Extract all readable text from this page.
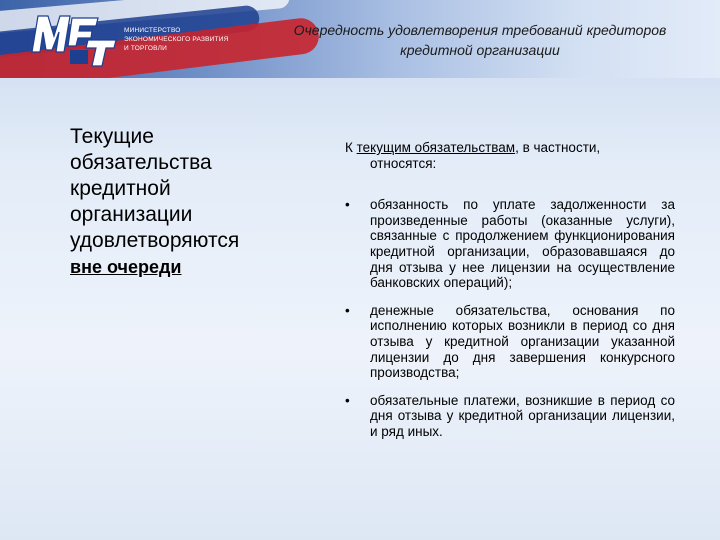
МИНИСТЕРСТВО
ЭКОНОМИЧЕСКОГО РАЗВИТИЯ
И ТОРГОВЛИ
Очередность удовлетворения требований кредиторов
кредитной организации
Текущие
обязательства
кредитной
организации
удовлетворяются
вне очереди
К текущим обязательствам, в частности,
относятся:
• обязанность по уплате задолженности за произведенные работы (оказанные услуги), связанные с продолжением функционирования кредитной организации, образовавшаяся до дня отзыва у нее лицензии на осуществление банковских операций);
• денежные обязательства, основания по исполнению которых возникли в период со дня отзыва у кредитной организации указанной лицензии до дня завершения конкурсного производства;
• обязательные платежи, возникшие в период со дня отзыва у кредитной организации лицензии, и ряд иных.
